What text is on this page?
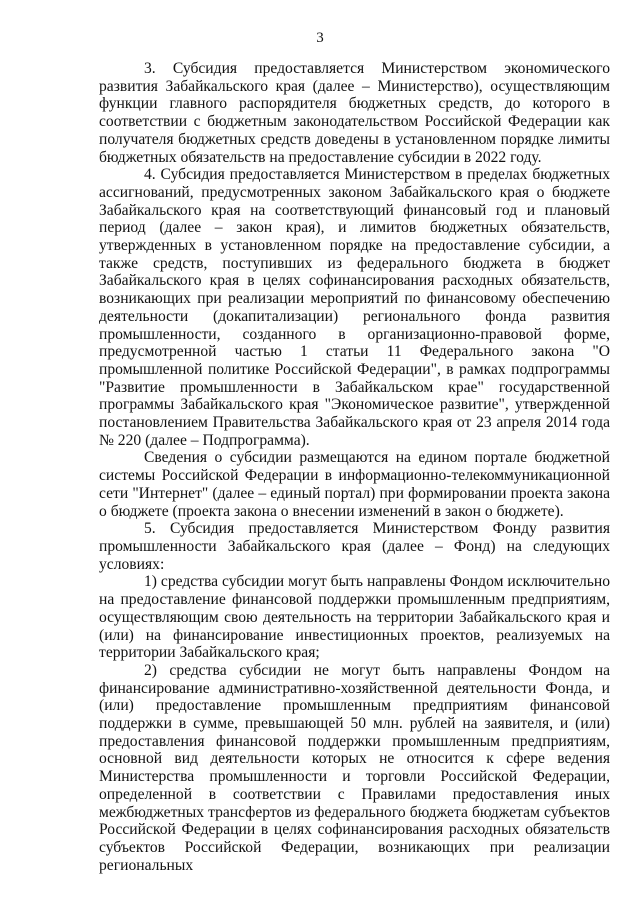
3

3. Субсидия предоставляется Министерством экономического развития Забайкальского края (далее – Министерство), осуществляющим функции главного распорядителя бюджетных средств, до которого в соответствии с бюджетным законодательством Российской Федерации как получателя бюджетных средств доведены в установленном порядке лимиты бюджетных обязательств на предоставление субсидии в 2022 году.

4. Субсидия предоставляется Министерством в пределах бюджетных ассигнований, предусмотренных законом Забайкальского края о бюджете Забайкальского края на соответствующий финансовый год и плановый период (далее – закон края), и лимитов бюджетных обязательств, утвержденных в установленном порядке на предоставление субсидии, а также средств, поступивших из федерального бюджета в бюджет Забайкальского края в целях софинансирования расходных обязательств, возникающих при реализации мероприятий по финансовому обеспечению деятельности (докапитализации) регионального фонда развития промышленности, созданного в организационно-правовой форме, предусмотренной частью 1 статьи 11 Федерального закона "О промышленной политике Российской Федерации", в рамках подпрограммы "Развитие промышленности в Забайкальском крае" государственной программы Забайкальского края "Экономическое развитие", утвержденной постановлением Правительства Забайкальского края от 23 апреля 2014 года № 220 (далее – Подпрограмма).

Сведения о субсидии размещаются на едином портале бюджетной системы Российской Федерации в информационно-телекоммуникационной сети "Интернет" (далее – единый портал) при формировании проекта закона о бюджете (проекта закона о внесении изменений в закон о бюджете).

5. Субсидия предоставляется Министерством Фонду развития промышленности Забайкальского края (далее – Фонд) на следующих условиях:

1) средства субсидии могут быть направлены Фондом исключительно на предоставление финансовой поддержки промышленным предприятиям, осуществляющим свою деятельность на территории Забайкальского края и (или) на финансирование инвестиционных проектов, реализуемых на территории Забайкальского края;

2) средства субсидии не могут быть направлены Фондом на финансирование административно-хозяйственной деятельности Фонда, и (или) предоставление промышленным предприятиям финансовой поддержки в сумме, превышающей 50 млн. рублей на заявителя, и (или) предоставления финансовой поддержки промышленным предприятиям, основной вид деятельности которых не относится к сфере ведения Министерства промышленности и торговли Российской Федерации, определенной в соответствии с Правилами предоставления иных межбюджетных трансфертов из федерального бюджета бюджетам субъектов Российской Федерации в целях софинансирования расходных обязательств субъектов Российской Федерации, возникающих при реализации региональных
